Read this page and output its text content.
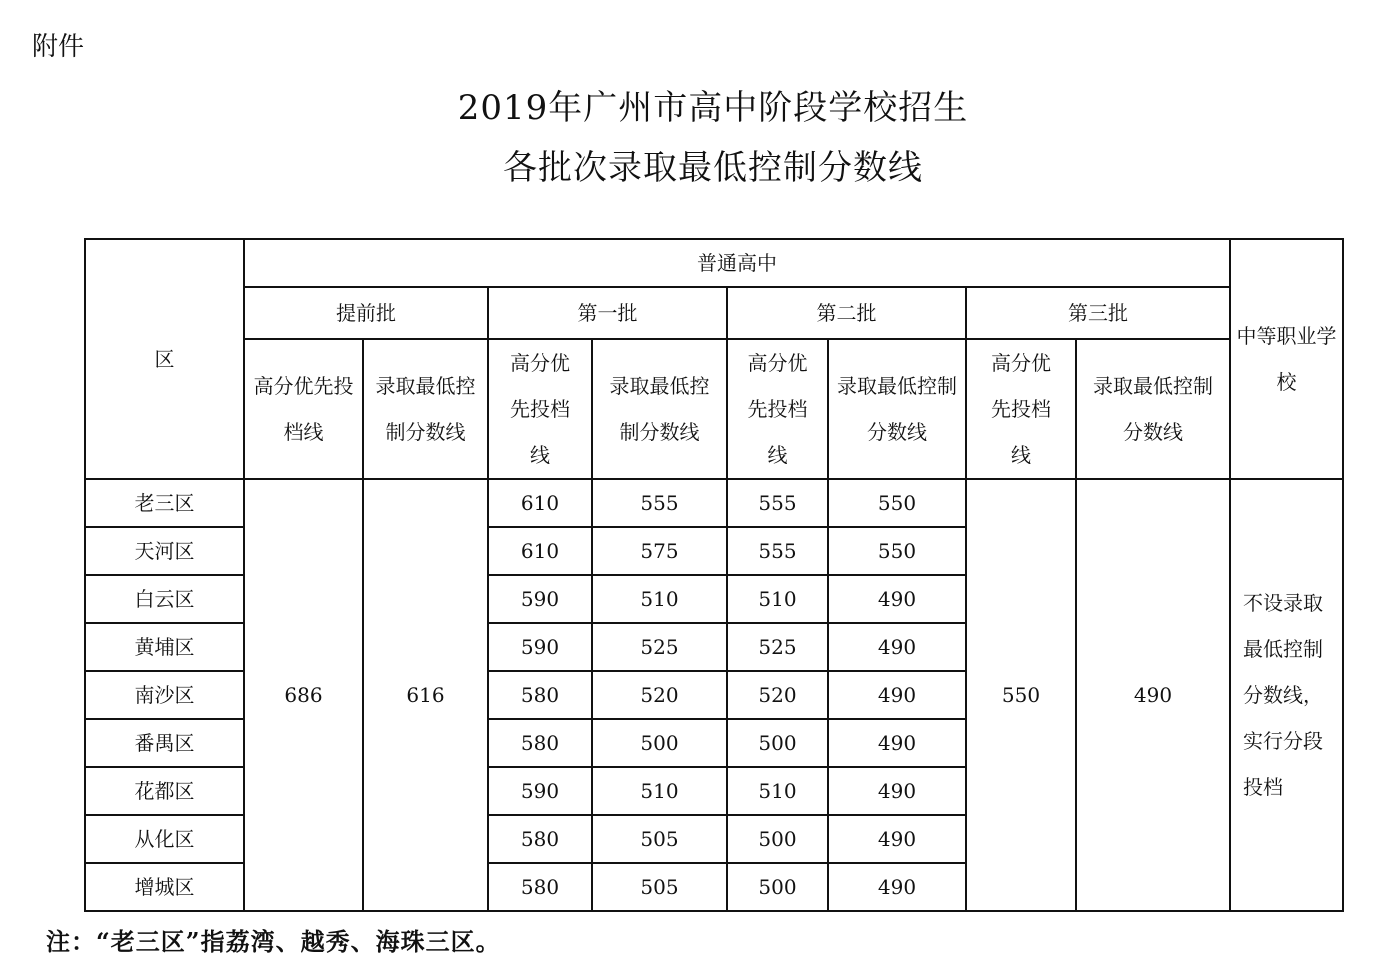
附件
2019年广州市高中阶段学校招生
各批次录取最低控制分数线
区	普通高中								中等职业学校
	提前批		第一批		第二批		第三批		
	高分优先投档线	录取最低控制分数线	高分优先投档线	录取最低控制分数线	高分优先投档线	录取最低控制分数线	高分优先投档线	录取最低控制分数线	
老三区	686	616	610	555	555	550	550	490	不设录取最低控制分数线，实行分段投档
天河区			610	575	555	550			
白云区			590	510	510	490			
黄埔区			590	525	525	490			
南沙区			580	520	520	490			
番禺区			580	500	500	490			
花都区			590	510	510	490			
从化区			580	505	500	490			
增城区			580	505	500	490			
注：“老三区”指荔湾、越秀、海珠三区。
